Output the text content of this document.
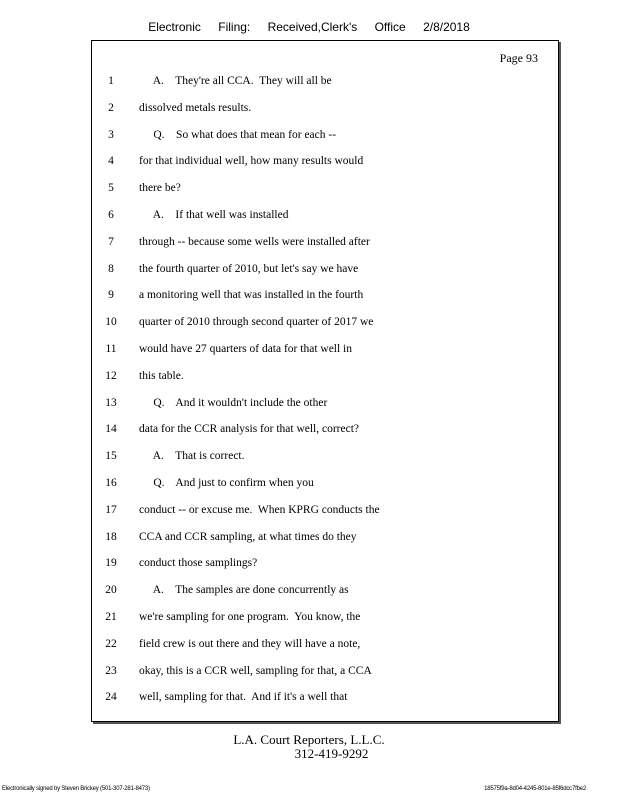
Electronic Filing: Received,Clerk's Office 2/8/2018
Page 93
1	A.    They're all CCA.  They will all be
2	dissolved metals results.
3	Q.    So what does that mean for each --
4	for that individual well, how many results would
5	there be?
6	A.    If that well was installed
7	through -- because some wells were installed after
8	the fourth quarter of 2010, but let's say we have
9	a monitoring well that was installed in the fourth
10	quarter of 2010 through second quarter of 2017 we
11	would have 27 quarters of data for that well in
12	this table.
13	Q.    And it wouldn't include the other
14	data for the CCR analysis for that well, correct?
15	A.    That is correct.
16	Q.    And just to confirm when you
17	conduct -- or excuse me.  When KPRG conducts the
18	CCA and CCR sampling, at what times do they
19	conduct those samplings?
20	A.    The samples are done concurrently as
21	we're sampling for one program.  You know, the
22	field crew is out there and they will have a note,
23	okay, this is a CCR well, sampling for that, a CCA
24	well, sampling for that.  And if it's a well that
L.A. Court Reporters, L.L.C.
312-419-9292
Electronically signed by Steven Brickey (501-307-281-8473)	18575f9a-8d04-4245-801e-85f6dcc7fbe2
